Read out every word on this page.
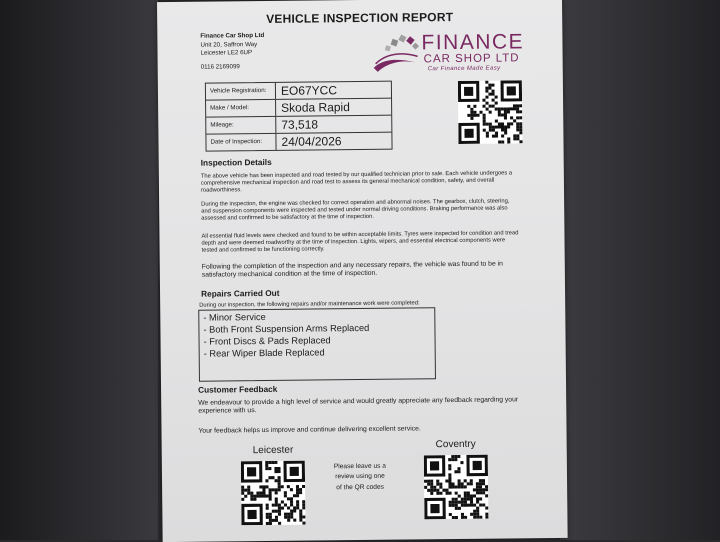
VEHICLE INSPECTION REPORT
Finance Car Shop Ltd
Unit 20, Saffron Way
Leicester LE2 6UP
0116 2169099
FINANCE
CAR SHOP LTD
Car Finance Made Easy
Vehicle Registration:	EO67YCC
Make / Model:	Skoda Rapid
Mileage:	73,518
Date of Inspection:	24/04/2026
Inspection Details
The above vehicle has been inspected and road tested by our qualified technician prior to sale. Each vehicle undergoes a comprehensive mechanical inspection and road test to assess its general mechanical condition, safety, and overall roadworthiness.
During the inspection, the engine was checked for correct operation and abnormal noises. The gearbox, clutch, steering, and suspension components were inspected and tested under normal driving conditions. Braking performance was also assessed and confirmed to be satisfactory at the time of inspection.
All essential fluid levels were checked and found to be within acceptable limits. Tyres were inspected for condition and tread depth and were deemed roadworthy at the time of inspection. Lights, wipers, and essential electrical components were tested and confirmed to be functioning correctly.
Following the completion of the inspection and any necessary repairs, the vehicle was found to be in satisfactory mechanical condition at the time of inspection.
Repairs Carried Out
During our inspection, the following repairs and/or maintenance work were completed:
- Minor Service
- Both Front Suspension Arms Replaced
- Front Discs & Pads Replaced
- Rear Wiper Blade Replaced
Customer Feedback
We endeavour to provide a high level of service and would greatly appreciate any feedback regarding your experience with us.
Your feedback helps us improve and continue delivering excellent service.
Leicester
Coventry
Please leave us a
review using one
of the QR codes
